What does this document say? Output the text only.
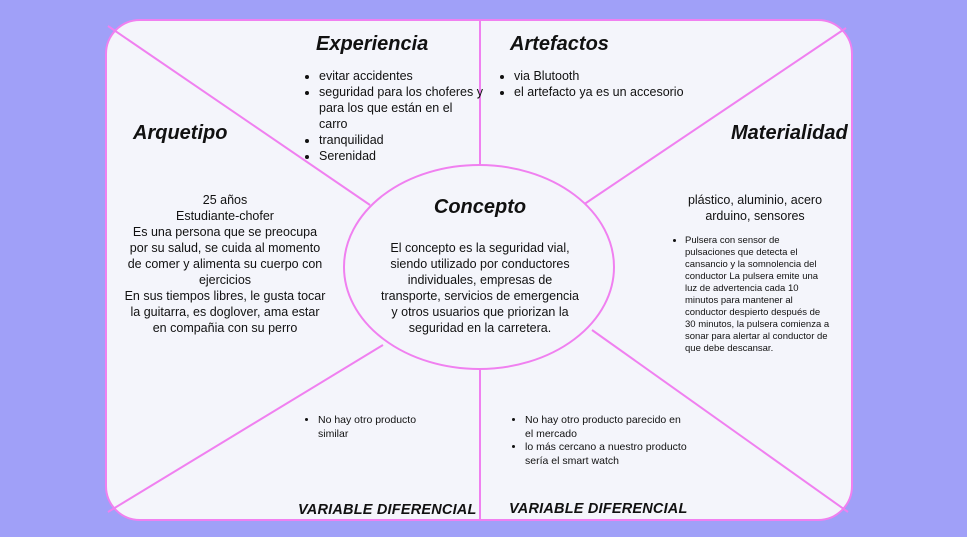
Experiencia
• evitar accidentes
• seguridad para los choferes y para los que están en el carro
• tranquilidad
• Serenidad
Artefactos
• via Blutooth
• el artefacto ya es un accesorio
Arquetipo
25 años
Estudiante-chofer
Es una persona que se preocupa por su salud, se cuida al momento de comer y alimenta su cuerpo con ejercicios
En sus tiempos libres, le gusta tocar la guitarra, es doglover, ama estar en compañia con su perro
Materialidad
plástico, aluminio, acero arduino, sensores
• Pulsera con sensor de pulsaciones que detecta el cansancio y la somnolencia del conductor La pulsera emite una luz de advertencia cada 10 minutos para mantener al conductor despierto después de 30 minutos, la pulsera comienza a sonar para alertar al conductor de que debe descansar.
Concepto
El concepto es la seguridad vial, siendo utilizado por conductores individuales, empresas de transporte, servicios de emergencia y otros usuarios que priorizan la seguridad en la carretera.
• No hay otro producto similar
VARIABLE DIFERENCIAL
• No hay otro producto parecido en el mercado
• lo más cercano a nuestro producto sería el smart watch
VARIABLE DIFERENCIAL
